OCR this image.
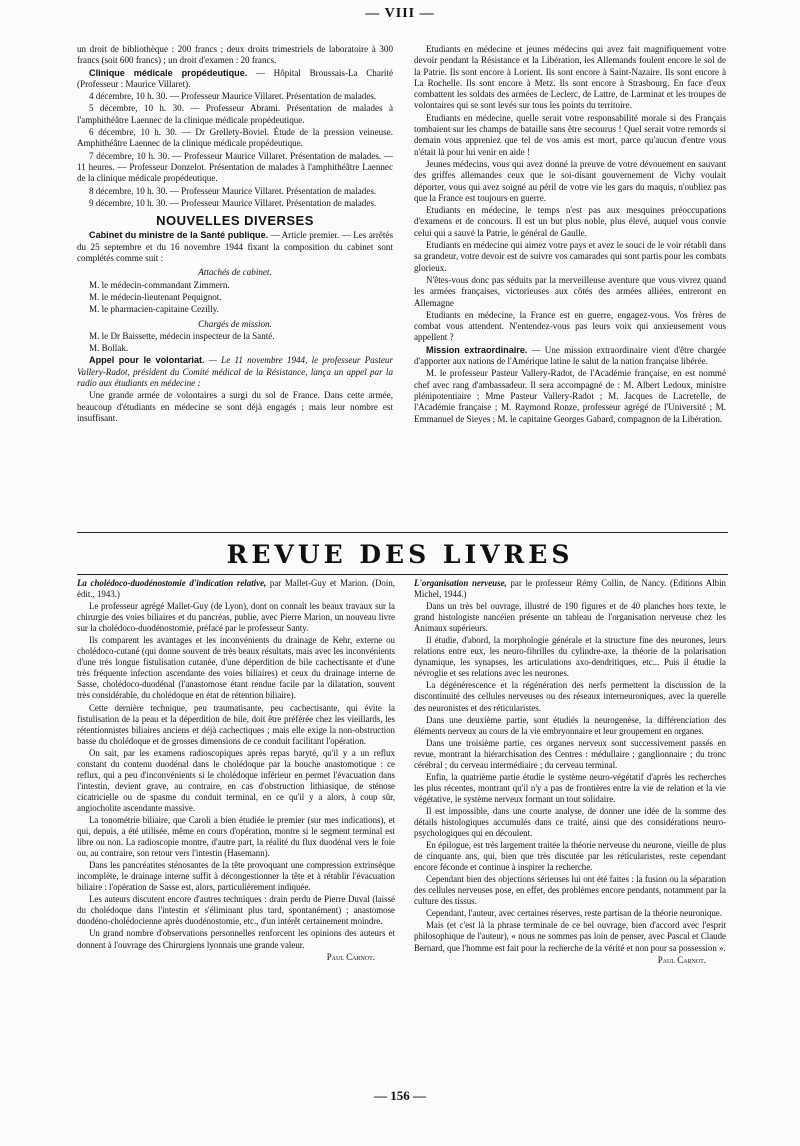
— VIII —

un droit de bibliothèque : 200 francs ; deux droits trimestriels de laboratoire à 300 francs (soit 600 francs) ; un droit d'examen : 20 francs.

Clinique médicale propédeutique. — Hôpital Broussais-La Charité (Professeur : Maurice Villaret).

4 décembre, 10 h. 30. — Professeur Maurice Villaret. Présentation de malades.

5 décembre, 10 h. 30. — Professeur Abrami. Présentation de malades à l'amphithéâtre Laennec de la clinique médicale propédeutique.

6 décembre, 10 h. 30. — Dr Grellety-Boviel. Étude de la pression veineuse. Amphithéâtre Laennec de la clinique médicale propédeutique.

7 décembre, 10 h. 30. — Professeur Maurice Villaret. Présentation de malades. — 11 heures. — Professeur Donzelot. Présentation de malades à l'amphithéâtre Laennec de la clinique médicale propédeutique.

8 décembre, 10 h. 30. — Professeur Maurice Villaret. Présentation de malades.

9 décembre, 10 h. 30. — Professeur Maurice Villaret. Présentation de malades.

NOUVELLES DIVERSES

Cabinet du ministre de la Santé publique. — Article premier. — Les arrêtés du 25 septembre et du 16 novembre 1944 fixant la composition du cabinet sont complétés comme suit :

Attachés de cabinet.

M. le médecin-commandant Zimmern.

M. le médecin-lieutenant Pequignot.

M. le pharmacien-capitaine Cezilly.

Chargés de mission.

M. le Dr Baissette, médecin inspecteur de la Santé.

M. Bollak.

Appel pour le volontariat. — Le 11 novembre 1944, le professeur Pasteur Vallery-Radot, président du Comité médical de la Résistance, lança un appel par la radio aux étudiants en médecine :

Une grande armée de volontaires a surgi du sol de France. Dans cette armée, beaucoup d'étudiants en médecine se sont déjà engagés ; mais leur nombre est insuffisant.

Etudiants en médecine et jeunes médecins qui avez fait magnifiquement votre devoir pendant la Résistance et la Libération, les Allemands foulent encore le sol de la Patrie. Ils sont encore à Lorient. Ils sont encore à Saint-Nazaire. Ils sont encore à La Rochelle. Ils sont encore à Metz. Ils sont encore à Strasbourg. En face d'eux combattent les soldats des armées de Leclerc, de Lattre, de Larminat et les troupes de volontaires qui se sont levés sur tous les points du territoire.

Etudiants en médecine, quelle serait votre responsabilité morale si des Français tombaient sur les champs de bataille sans être secourus ! Quel serait votre remords si demain vous appreniez que tel de vos amis est mort, parce qu'aucun d'entre vous n'était là pour lui venir en aide !

Jeunes médecins, vous qui avez donné la preuve de votre dévouement en sauvant des griffes allemandes ceux que le soi-disant gouvernement de Vichy voulait déporter, vous qui avez soigné au péril de votre vie les gars du maquis, n'oubliez pas que la France est toujours en guerre.

Etudiants en médecine, le temps n'est pas aux mesquines préoccupations d'examens et de concours. Il est un but plus noble, plus élevé, auquel vous convie celui qui a sauvé la Patrie, le général de Gaulle.

Etudiants en médecine qui aimez votre pays et avez le souci de le voir rétabli dans sa grandeur, votre devoir est de suivre vos camarades qui sont partis pour les combats glorieux.

N'êtes-vous donc pas séduits par la merveilleuse aventure que vous vivrez quand les armées françaises, victorieuses aux côtés des armées alliées, entreront en Allemagne

Etudiants en médecine, la France est en guerre, engagez-vous. Vos frères de combat vous attendent. N'entendez-vous pas leurs voix qui anxieusement vous appellent ?

Mission extraordinaire. — Une mission extraordinaire vient d'être chargée d'apporter aux nations de l'Amérique latine le salut de la nation française libérée.

M. le professeur Pasteur Vallery-Radot, de l'Académie française, en est nommé chef avec rang d'ambassadeur. Il sera accompagné de : M. Albert Ledoux, ministre plénipotentiaire ; Mme Pasteur Vallery-Radot ; M. Jacques de Lacretelle, de l'Académie française ; M. Raymond Ronze, professeur agrégé de l'Université ; M. Emmanuel de Sieyes ; M. le capitaine Georges Gabard, compagnon de la Libération.

REVUE DES LIVRES

La cholédoco-duodénostomie d'indication relative, par Mallet-Guy et Marion. (Doin, édit., 1943.)

Le professeur agrégé Mallet-Guy (de Lyon), dont on connaît les beaux travaux sur la chirurgie des voies biliaires et du pancréas, publie, avec Pierre Marion, un nouveau livre sur la cholédoco-duodénostomie, préfacé par le professeur Santy.

Ils comparent les avantages et les inconvénients du drainage de Kehr, externe ou cholédoco-cutané (qui donne souvent de très beaux résultats, mais avec les inconvénients d'une très longue fistulisation cutanée, d'une déperdition de bile cachectisante et d'une très fréquente infection ascendante des voies biliaires) et ceux du drainage interne de Sasse, cholédoco-duodénal (l'anastomose étant rendue facile par la dilatation, souvent très considérable, du cholédoque en état de rétention biliaire).

Cette dernière technique, peu traumatisante, peu cachectisante, qui évite la fistulisation de la peau et la déperdition de bile, doit être préférée chez les vieillards, les rétentionnistes biliaires anciens et déjà cachectiques ; mais elle exige la non-obstruction basse du cholédoque et de grosses dimensions de ce conduit facilitant l'opération.

On sait, par les examens radioscopiques après repas baryté, qu'il y a un reflux constant du contenu duodénal dans le cholédoque par la bouche anastomotique : ce reflux, qui a peu d'inconvénients si le cholédoque inférieur en permet l'évacuation dans l'intestin, devient grave, au contraire, en cas d'obstruction lithiasique, de sténose cicatricielle ou de spasme du conduit terminal, en ce qu'il y a alors, à coup sûr, angiocholite ascendante massive.

La tonométrie biliaire, que Caroli a bien étudiée le premier (sur mes indications), et qui, depuis, a été utilisée, même en cours d'opération, montre si le segment terminal est libre ou non. La radioscopie montre, d'autre part, la réalité du flux duodénal vers le foie ou, au contraire, son retour vers l'intestin (Hasemann).

Dans les pancréatites sténosantes de la tête provoquant une compression extrinsèque incomplète, le drainage interne suffit à décongestionner la tête et à rétablir l'évacuation biliaire : l'opération de Sasse est, alors, particulièrement indiquée.

Les auteurs discutent encore d'autres techniques : drain perdu de Pierre Duval (laissé du cholédoque dans l'intestin et s'éliminant plus tard, spontanément) ; anastomose duodéno-cholédocienne après duodénostomie, etc., d'un intérêt certainement moindre.

Un grand nombre d'observations personnelles renforcent les opinions des auteurs et donnent à l'ouvrage des Chirurgiens lyonnais une grande valeur.

Paul Carnot.

L'organisation nerveuse, par le professeur Rémy Collin, de Nancy. (Editions Albin Michel, 1944.)

Dans un très bel ouvrage, illustré de 190 figures et de 40 planches hors texte, le grand histologiste nancéien présente un tableau de l'organisation nerveuse chez les Animaux supérieurs.

Il étudie, d'abord, la morphologie générale et la structure fine des neurones, leurs relations entre eux, les neuro-fibrilles du cylindre-axe, la théorie de la polarisation dynamique, les synapses, les articulations axo-dendritiques, etc... Puis il étudie la névroglie et ses relations avec les neurones.

La dégénérescence et la régénération des nerfs permettent la discussion de la discontinuité des cellules nerveuses ou des réseaux interneuroniques, avec la querelle des neuronistes et des réticularistes.

Dans une deuxième partie, sont étudiés la neurogenèse, la différenciation des éléments nerveux au cours de la vie embryonnaire et leur groupement en organes.

Dans une troisième partie, ces organes nerveux sont successivement passés en revue, montrant la hiérarchisation des Centres : médullaire ; ganglionnaire ; du tronc cérébral ; du cerveau intermédiaire ; du cerveau terminal.

Enfin, la quatrième partie étudie le système neuro-végétatif d'après les recherches les plus récentes, montrant qu'il n'y a pas de frontières entre la vie de relation et la vie végétative, le système nerveux formant un tout solidaire.

Il est impossible, dans une courte analyse, de donner une idée de la somme des détails histologiques accumulés dans ce traité, ainsi que des considérations neuro-psychologiques qui en découlent.

En épilogue, est très largement traitée la théorie nerveuse du neurone, vieille de plus de cinquante ans, qui, bien que très discutée par les réticularistes, reste cependant encore féconde et continue à inspirer la recherche.

Cependant bien des objections sérieuses lui ont été faites : la fusion ou la séparation des cellules nerveuses pose, en effet, des problèmes encore pendants, notamment par la culture des tissus.

Cependant, l'auteur, avec certaines réserves, reste partisan de la théorie neuronique.

Mais (et c'est là la phrase terminale de ce bel ouvrage, bien d'accord avec l'esprit philosophique de l'auteur), « nous ne sommes pas loin de penser, avec Pascal et Claude Bernard, que l'homme est fait pour la recherche de la vérité et non pour sa possession ».

Paul Carnot.
— 156 —
